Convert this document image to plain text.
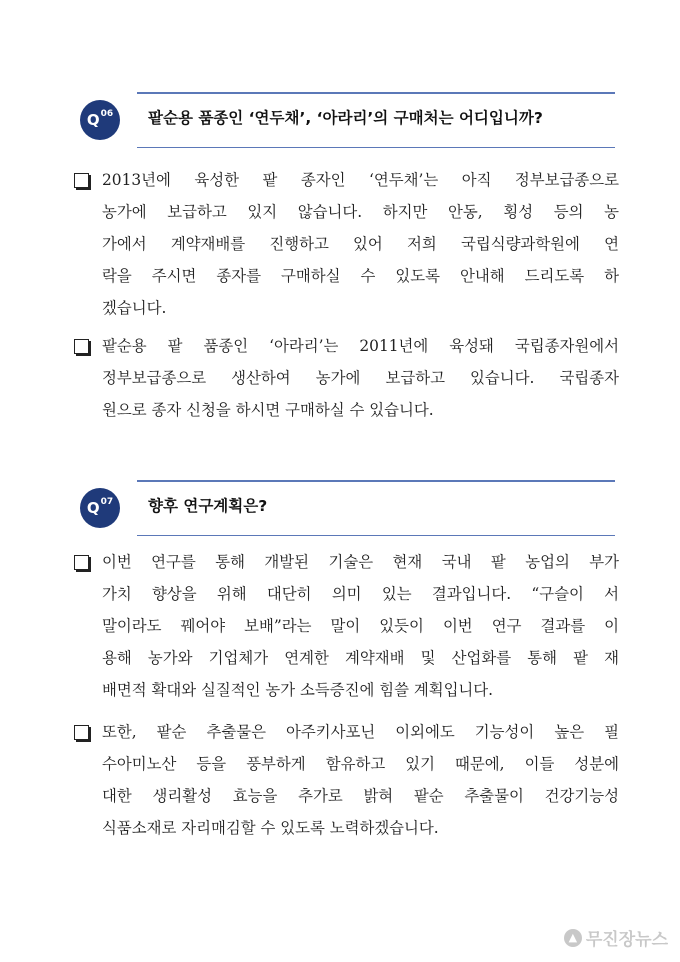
Q 06 팥순용 품종인 ‘연두채’, ‘아라리’의 구매처는 어디입니까?
2013년에 육성한 팥 종자인 ‘연두채’는 아직 정부보급종으로
농가에 보급하고 있지 않습니다. 하지만 안동, 횡성 등의 농
가에서 계약재배를 진행하고 있어 저희 국립식량과학원에 연
락을 주시면 종자를 구매하실 수 있도록 안내해 드리도록 하
겠습니다.
팥순용 팥 품종인 ‘아라리’는 2011년에 육성돼 국립종자원에서
정부보급종으로 생산하여 농가에 보급하고 있습니다. 국립종자
원으로 종자 신청을 하시면 구매하실 수 있습니다.
Q 07 향후 연구계획은?
이번 연구를 통해 개발된 기술은 현재 국내 팥 농업의 부가
가치 향상을 위해 대단히 의미 있는 결과입니다. “구슬이 서
말이라도 꿰어야 보배”라는 말이 있듯이 이번 연구 결과를 이
용해 농가와 기업체가 연계한 계약재배 및 산업화를 통해 팥 재
배면적 확대와 실질적인 농가 소득증진에 힘쓸 계획입니다.
또한, 팥순 추출물은 아주키사포닌 이외에도 기능성이 높은 필
수아미노산 등을 풍부하게 함유하고 있기 때문에, 이들 성분에
대한 생리활성 효능을 추가로 밝혀 팥순 추출물이 건강기능성
식품소재로 자리매김할 수 있도록 노력하겠습니다.
▲ 무진장뉴스
